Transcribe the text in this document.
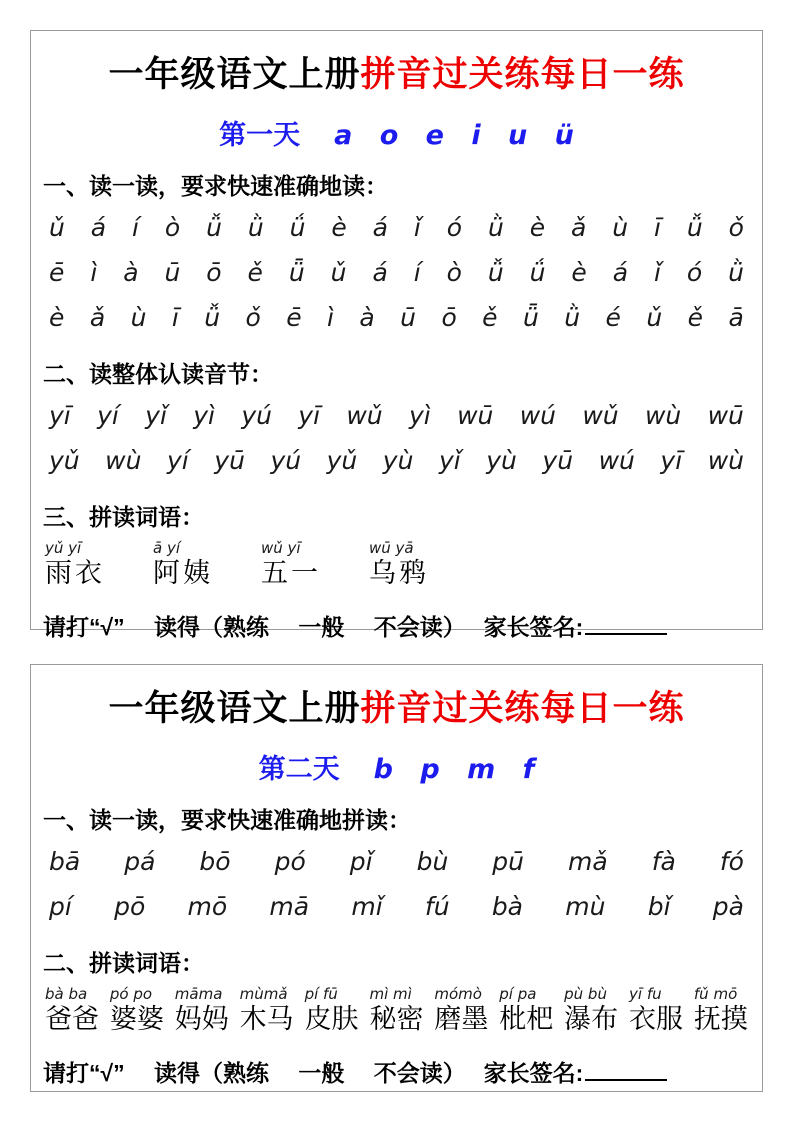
一年级语文上册拼音过关练每日一练
第一天 a o e i u ü
一、读一读，要求快速准确地读：
ǔ á í ò ǚ ǜ ǘ è á ǐ ó ǜ è ǎ ù ī ǚ ǒ
ē ì à ū ō ě ǖ ǔ á í ò ǚ ǘ è á ǐ ó ǜ
è ǎ ù ī ǚ ǒ ē ì à ū ō ě ǖ ǜ é ǔ ě ā
二、读整体认读音节：
yī yí yǐ yì yú yī wǔ yì wū wú wǔ wù wū
yǔ wù yí yū yú yǔ yù yǐ yù yū wú yī wù
三、拼读词语：
yǔ yī
雨衣
ā yí
阿姨
wǔ yī
五一
wū yā
乌鸦
请打“√”　 读得（熟练　 一般　 不会读）　 家长签名:
一年级语文上册拼音过关练每日一练
第二天 b p m f
一、读一读，要求快速准确地拼读：
bā pá bō pó pǐ bù pū mǎ fà fó
pí pō mō mā mǐ fú bà mù bǐ pà
二、拼读词语：
bà ba
爸爸
pó po
婆婆
māma
妈妈
mùmǎ
木马
pí fū
皮肤
mì mì
秘密
mómò
磨墨
pí pa
枇杷
pù bù
瀑布
yī fu
衣服
fǔ mō
抚摸
请打“√”　 读得（熟练　 一般　 不会读）　 家长签名:
